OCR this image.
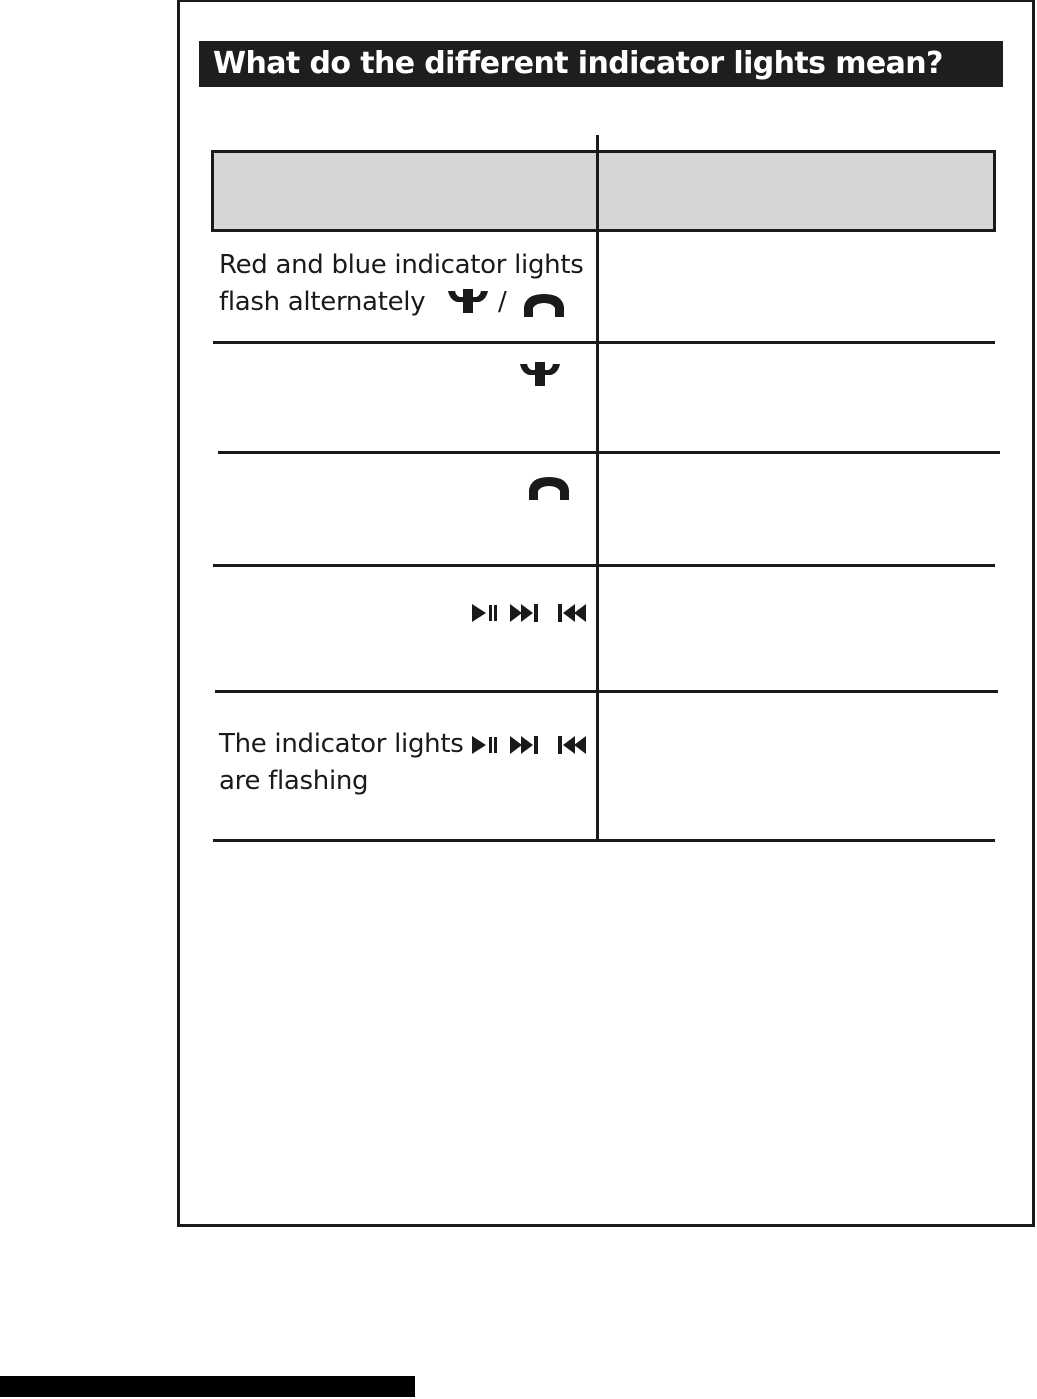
What do the different indicator lights mean?
Red and blue indicator lights
flash alternately	/
The indicator lights
are flashing
